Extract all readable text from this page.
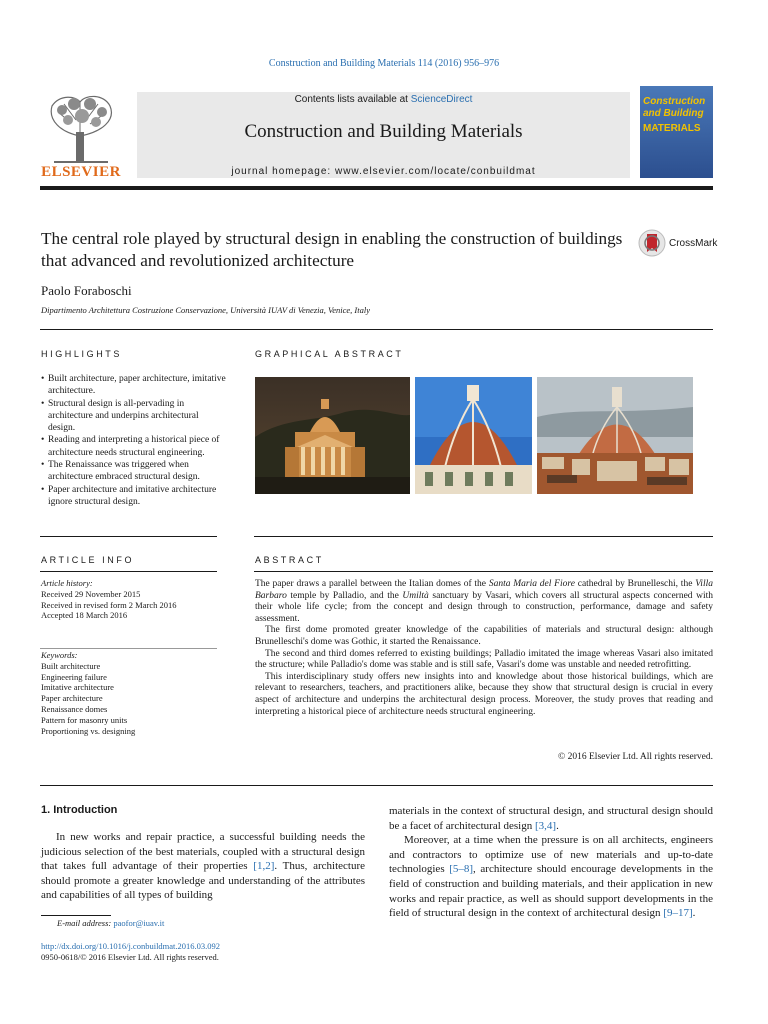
Construction and Building Materials 114 (2016) 956–976
ELSEVIER
Contents lists available at ScienceDirect
Construction and Building Materials
journal homepage: www.elsevier.com/locate/conbuildmat
Construction and Building
MATERIALS
The central role played by structural design in enabling the construction of buildings that advanced and revolutionized architecture
CrossMark
Paolo Foraboschi
Dipartimento Architettura Costruzione Conservazione, Università IUAV di Venezia, Venice, Italy
HIGHLIGHTS	GRAPHICAL ABSTRACT
• Built architecture, paper architecture, imitative architecture.
• Structural design is all-pervading in architecture and underpins architectural design.
• Reading and interpreting a historical piece of architecture needs structural engineering.
• The Renaissance was triggered when architecture embraced structural design.
• Paper architecture and imitative architecture ignore structural design.
ARTICLE INFO	ABSTRACT
Article history:
Received 29 November 2015
Received in revised form 2 March 2016
Accepted 18 March 2016
Keywords:
Built architecture
Engineering failure
Imitative architecture
Paper architecture
Renaissance domes
Pattern for masonry units
Proportioning vs. designing

The paper draws a parallel between the Italian domes of the Santa Maria del Fiore cathedral by Brunelleschi, the Villa Barbaro temple by Palladio, and the Umiltà sanctuary by Vasari, which covers all structural aspects concerned with their whole life cycle; from the concept and design through to construction, performance, damage and safety assessment.

The first dome promoted greater knowledge of the capabilities of materials and structural design: although Brunelleschi's dome was Gothic, it started the Renaissance.

The second and third domes referred to existing buildings; Palladio imitated the image whereas Vasari also imitated the structure; while Palladio's dome was stable and is still safe, Vasari's dome was unstable and needed retrofitting.

This interdisciplinary study offers new insights into and knowledge about those historical buildings, which are relevant to researchers, teachers, and practitioners alike, because they show that structural design is crucial in every aspect of architecture and underpins the architectural design process. Moreover, the study proves that reading and interpreting a historical piece of architecture needs structural engineering.

© 2016 Elsevier Ltd. All rights reserved.
1. Introduction

In new works and repair practice, a successful building needs the judicious selection of the best materials, coupled with a structural design that takes full advantage of their properties [1,2]. Thus, architecture should promote a greater knowledge and understanding of the attributes and capabilities of all types of building

materials in the context of structural design, and structural design should be a facet of architectural design [3,4].

Moreover, at a time when the pressure is on all architects, engineers and contractors to optimize use of new materials and up-to-date technologies [5–8], architecture should encourage developments in the field of construction and building materials, and their application in new works and repair practice, as well as should support developments in the field of structural design in the context of architectural design [9–17].

E-mail address: paofor@iuav.it
http://dx.doi.org/10.1016/j.conbuildmat.2016.03.092
0950-0618/© 2016 Elsevier Ltd. All rights reserved.
